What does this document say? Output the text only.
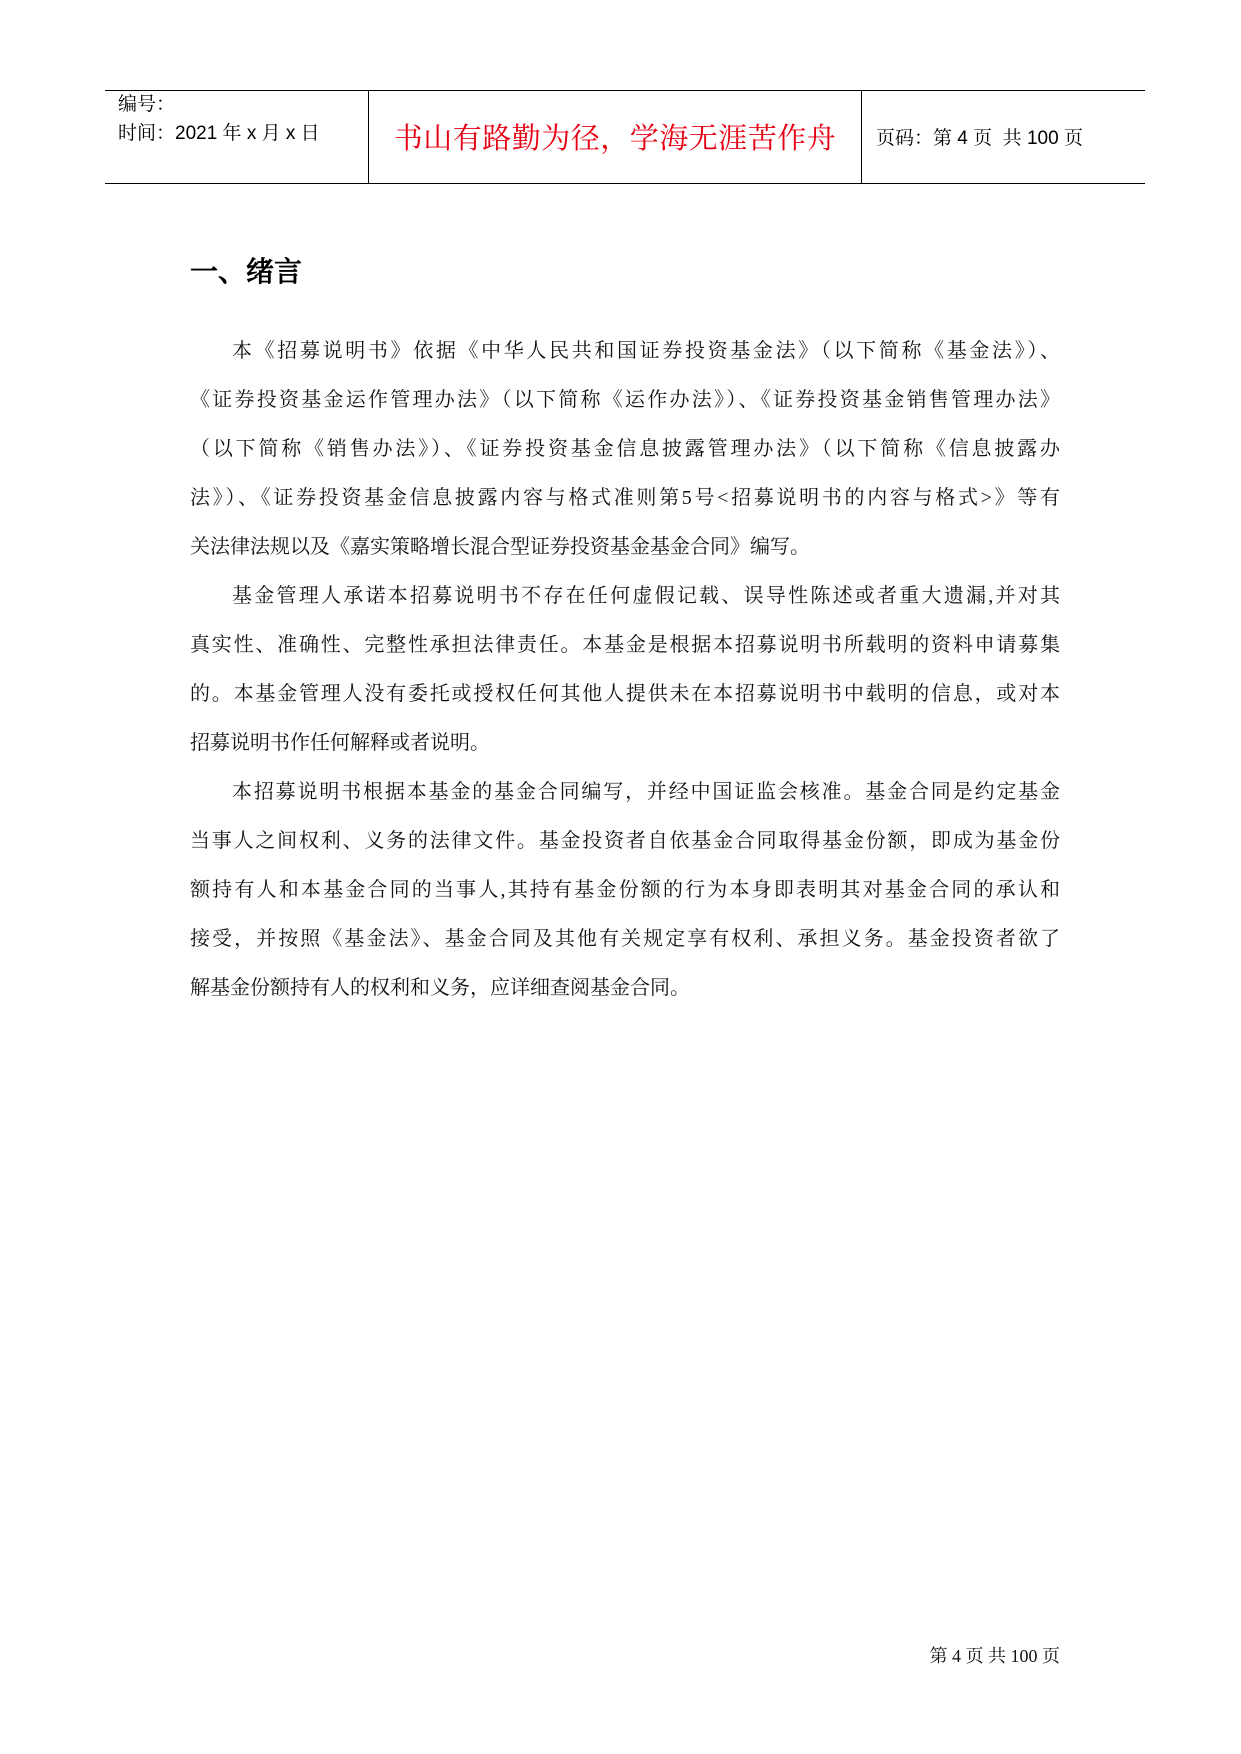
编号：
时间：2021 年 x 月 x 日	书山有路勤为径，学海无涯苦作舟 页码：第 4 页  共 100 页
一、绪言
本《招募说明书》依据《中华人民共和国证券投资基金法》（以下简称《基金法》）、
《证券投资基金运作管理办法》（以下简称《运作办法》）、《证券投资基金销售管理办法》
（以下简称《销售办法》）、《证券投资基金信息披露管理办法》（以下简称《信息披露办
法》）、《证券投资基金信息披露内容与格式准则第5号<招募说明书的内容与格式>》等有
关法律法规以及《嘉实策略增长混合型证券投资基金基金合同》编写。
基金管理人承诺本招募说明书不存在任何虚假记载、误导性陈述或者重大遗漏,并对其
真实性、准确性、完整性承担法律责任。本基金是根据本招募说明书所载明的资料申请募集
的。本基金管理人没有委托或授权任何其他人提供未在本招募说明书中载明的信息，或对本
招募说明书作任何解释或者说明。
本招募说明书根据本基金的基金合同编写，并经中国证监会核准。基金合同是约定基金
当事人之间权利、义务的法律文件。基金投资者自依基金合同取得基金份额，即成为基金份
额持有人和本基金合同的当事人,其持有基金份额的行为本身即表明其对基金合同的承认和
接受，并按照《基金法》、基金合同及其他有关规定享有权利、承担义务。基金投资者欲了
解基金份额持有人的权利和义务，应详细查阅基金合同。
第 4 页 共 100 页
